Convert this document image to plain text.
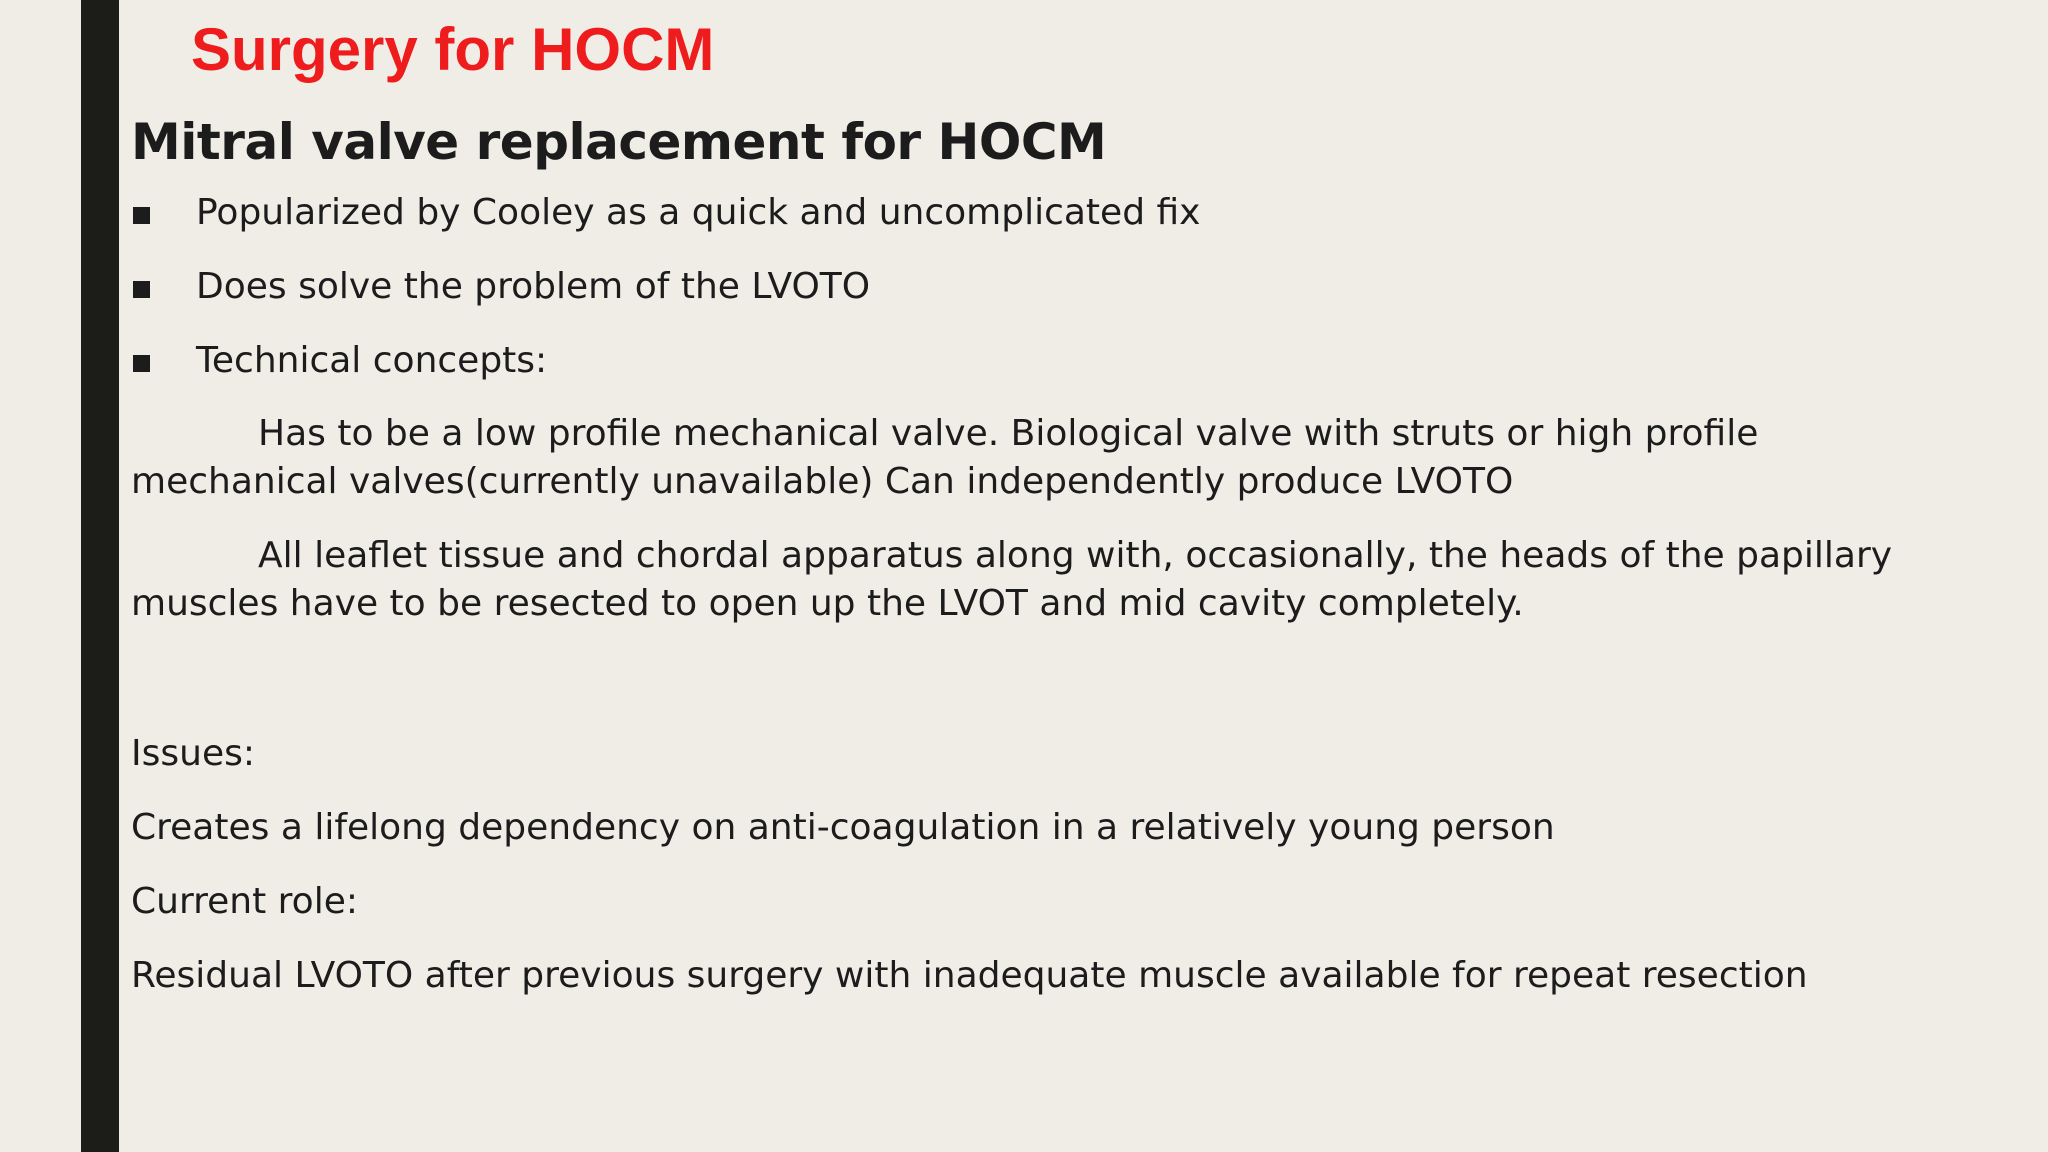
Surgery for HOCM
Mitral valve replacement for HOCM
Popularized by Cooley as a quick and uncomplicated fix
Does solve the problem of the LVOTO
Technical concepts:

Has to be a low profile mechanical valve. Biological valve with struts or high profile mechanical valves(currently unavailable) Can independently produce LVOTO

All leaflet tissue and chordal apparatus along with, occasionally, the heads of the papillary muscles have to be resected to open up the LVOT and mid cavity completely.

Issues:

Creates a lifelong dependency on anti-coagulation in a relatively young person

Current role:

Residual LVOTO after previous surgery with inadequate muscle available for repeat resection
